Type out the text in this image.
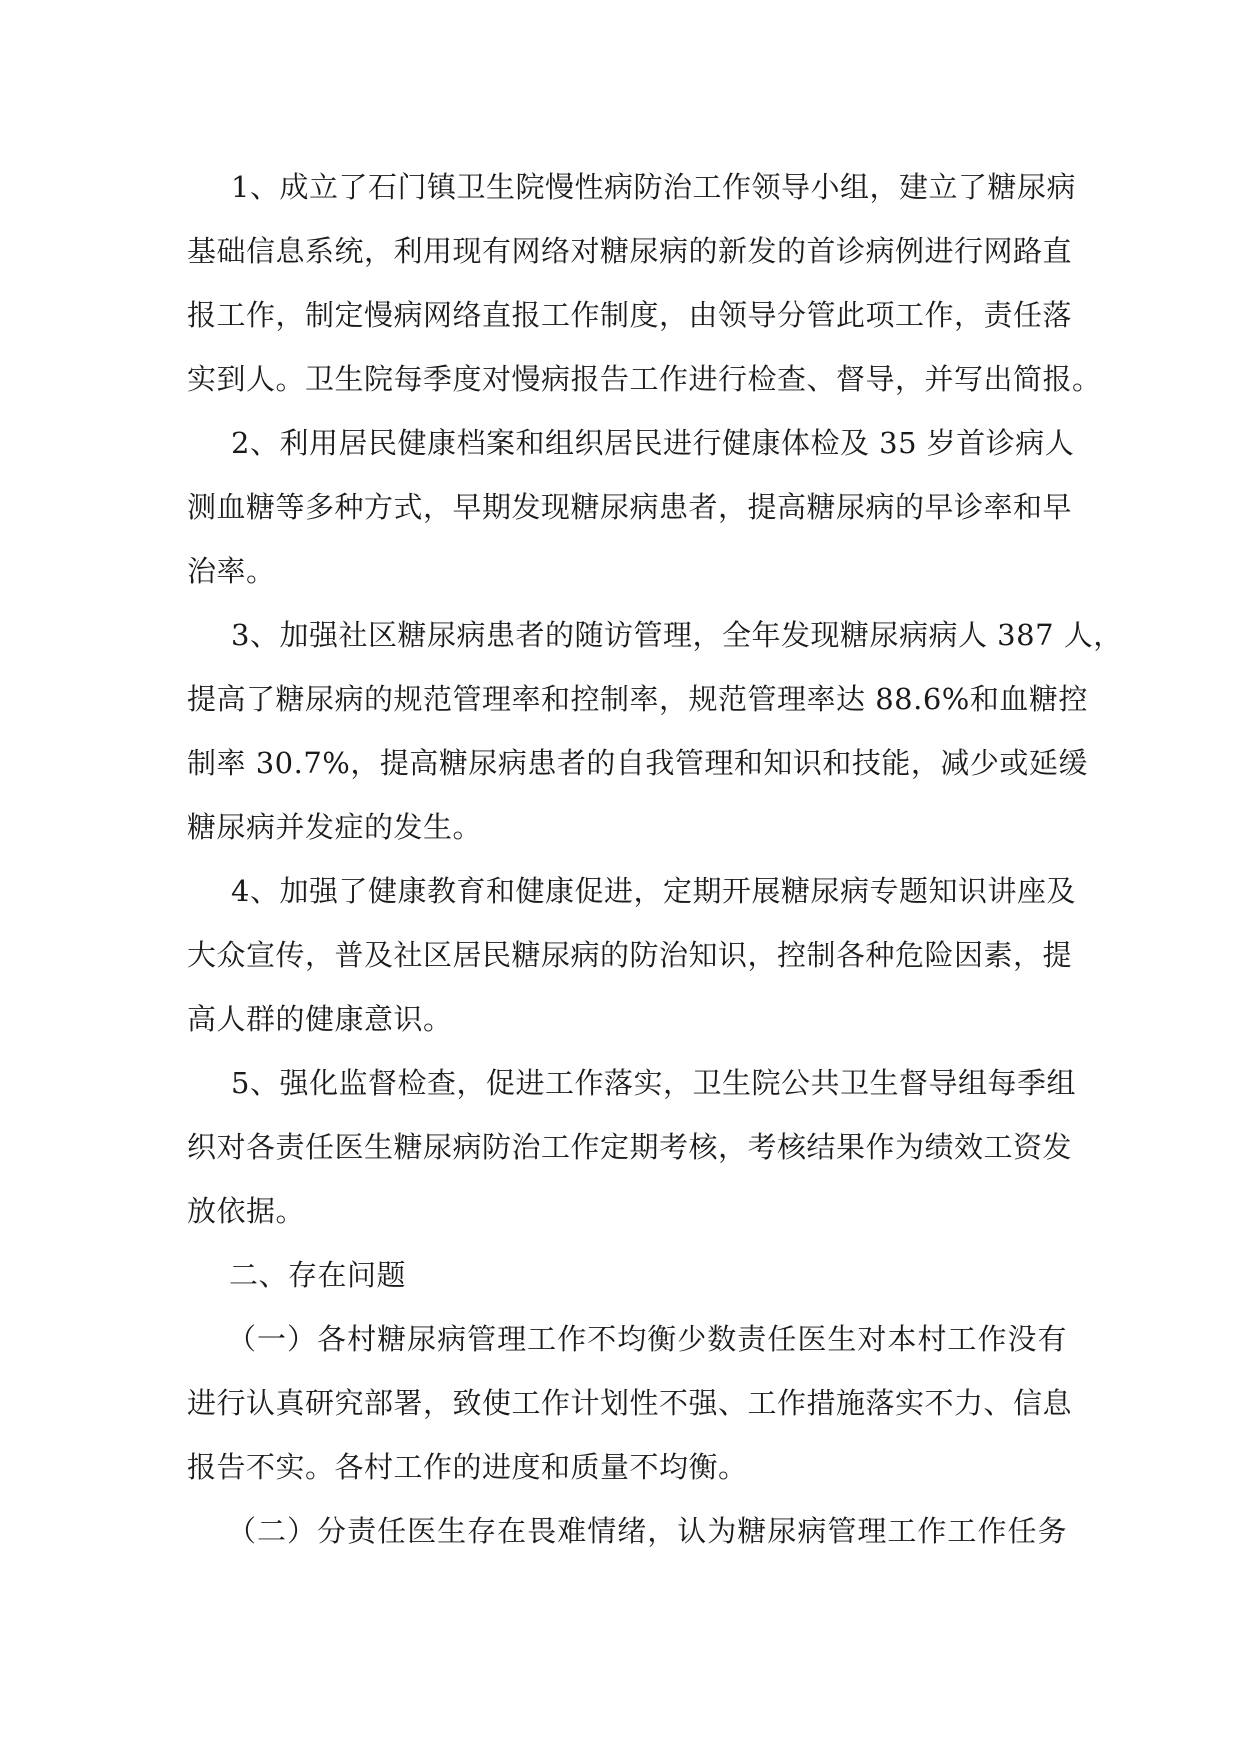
1、成立了石门镇卫生院慢性病防治工作领导小组，建立了糖尿病
基础信息系统，利用现有网络对糖尿病的新发的首诊病例进行网路直
报工作，制定慢病网络直报工作制度，由领导分管此项工作，责任落
实到人。卫生院每季度对慢病报告工作进行检查、督导，并写出简报。
2、利用居民健康档案和组织居民进行健康体检及 35 岁首诊病人
测血糖等多种方式，早期发现糖尿病患者，提高糖尿病的早诊率和早
治率。
3、加强社区糖尿病患者的随访管理，全年发现糖尿病病人 387 人，
提高了糖尿病的规范管理率和控制率，规范管理率达 88.6%和血糖控
制率 30.7%，提高糖尿病患者的自我管理和知识和技能，减少或延缓
糖尿病并发症的发生。
4、加强了健康教育和健康促进，定期开展糖尿病专题知识讲座及
大众宣传，普及社区居民糖尿病的防治知识，控制各种危险因素，提
高人群的健康意识。
5、强化监督检查，促进工作落实，卫生院公共卫生督导组每季组
织对各责任医生糖尿病防治工作定期考核，考核结果作为绩效工资发
放依据。
二、存在问题
（一）各村糖尿病管理工作不均衡少数责任医生对本村工作没有
进行认真研究部署，致使工作计划性不强、工作措施落实不力、信息
报告不实。各村工作的进度和质量不均衡。
（二）分责任医生存在畏难情绪，认为糖尿病管理工作工作任务
